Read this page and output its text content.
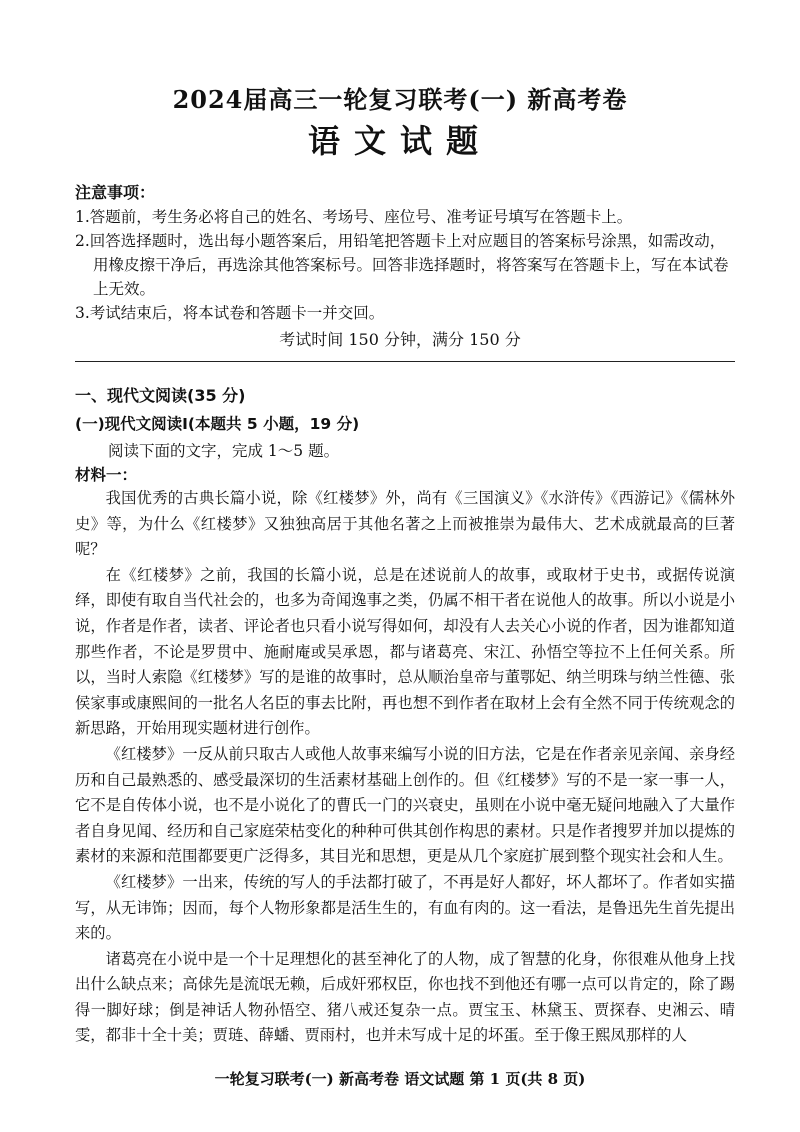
2024届高三一轮复习联考(一) 新高考卷
语文试题
注意事项：

1.答题前，考生务必将自己的姓名、考场号、座位号、准考证号填写在答题卡上。

2.回答选择题时，选出每小题答案后，用铅笔把答题卡上对应题目的答案标号涂黑，如需改动，

用橡皮擦干净后，再选涂其他答案标号。回答非选择题时，将答案写在答题卡上，写在本试卷

上无效。

3.考试结束后，将本试卷和答题卡一并交回。

考试时间 150 分钟，满分 150 分
一、现代文阅读(35 分)
(一)现代文阅读Ⅰ(本题共 5 小题，19 分)
阅读下面的文字，完成 1～5 题。
材料一：

我国优秀的古典长篇小说，除《红楼梦》外，尚有《三国演义》《水浒传》《西游记》《儒林外史》等，为什么《红楼梦》又独独高居于其他名著之上而被推崇为最伟大、艺术成就最高的巨著呢？

在《红楼梦》之前，我国的长篇小说，总是在述说前人的故事，或取材于史书，或据传说演绎，即使有取自当代社会的，也多为奇闻逸事之类，仍属不相干者在说他人的故事。所以小说是小说，作者是作者，读者、评论者也只看小说写得如何，却没有人去关心小说的作者，因为谁都知道那些作者，不论是罗贯中、施耐庵或吴承恩，都与诸葛亮、宋江、孙悟空等拉不上任何关系。所以，当时人索隐《红楼梦》写的是谁的故事时，总从顺治皇帝与董鄂妃、纳兰明珠与纳兰性德、张侯家事或康熙间的一批名人名臣的事去比附，再也想不到作者在取材上会有全然不同于传统观念的新思路，开始用现实题材进行创作。

《红楼梦》一反从前只取古人或他人故事来编写小说的旧方法，它是在作者亲见亲闻、亲身经历和自己最熟悉的、感受最深切的生活素材基础上创作的。但《红楼梦》写的不是一家一事一人，它不是自传体小说，也不是小说化了的曹氏一门的兴衰史，虽则在小说中毫无疑问地融入了大量作者自身见闻、经历和自己家庭荣枯变化的种种可供其创作构思的素材。只是作者搜罗并加以提炼的素材的来源和范围都要更广泛得多，其目光和思想，更是从几个家庭扩展到整个现实社会和人生。

《红楼梦》一出来，传统的写人的手法都打破了，不再是好人都好，坏人都坏了。作者如实描写，从无讳饰；因而，每个人物形象都是活生生的，有血有肉的。这一看法，是鲁迅先生首先提出来的。

诸葛亮在小说中是一个十足理想化的甚至神化了的人物，成了智慧的化身，你很难从他身上找出什么缺点来；高俅先是流氓无赖，后成奸邪权臣，你也找不到他还有哪一点可以肯定的，除了踢得一脚好球；倒是神话人物孙悟空、猪八戒还复杂一点。贾宝玉、林黛玉、贾探春、史湘云、晴雯，都非十全十美；贾琏、薛蟠、贾雨村，也并未写成十足的坏蛋。至于像王熙凤那样的人

一轮复习联考(一) 新高考卷 语文试题 第 1 页(共 8 页)
